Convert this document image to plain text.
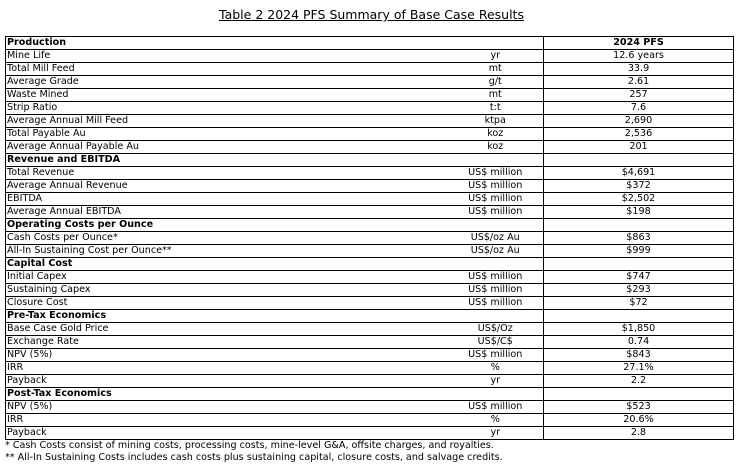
Table 2 2024 PFS Summary of Base Case Results
Production		2024 PFS
Mine Life	yr	12.6 years
Total Mill Feed	mt	33.9
Average Grade	g/t	2.61
Waste Mined	mt	257
Strip Ratio	t:t	7.6
Average Annual Mill Feed	ktpa	2,690
Total Payable Au	koz	2,536
Average Annual Payable Au	koz	201
Revenue and EBITDA		
Total Revenue	US$ million	$4,691
Average Annual Revenue	US$ million	$372
EBITDA	US$ million	$2,502
Average Annual EBITDA	US$ million	$198
Operating Costs per Ounce		
Cash Costs per Ounce*	US$/oz Au	$863
All-In Sustaining Cost per Ounce**	US$/oz Au	$999
Capital Cost		
Initial Capex	US$ million	$747
Sustaining Capex	US$ million	$293
Closure Cost	US$ million	$72
Pre-Tax Economics		
Base Case Gold Price	US$/Oz	$1,850
Exchange Rate	US$/C$	0.74
NPV (5%)	US$ million	$843
IRR	%	27.1%
Payback	yr	2.2
Post-Tax Economics		
NPV (5%)	US$ million	$523
IRR	%	20.6%
Payback	yr	2.8
* Cash Costs consist of mining costs, processing costs, mine-level G&A, offsite charges, and royalties.
** All-In Sustaining Costs includes cash costs plus sustaining capital, closure costs, and salvage credits.
